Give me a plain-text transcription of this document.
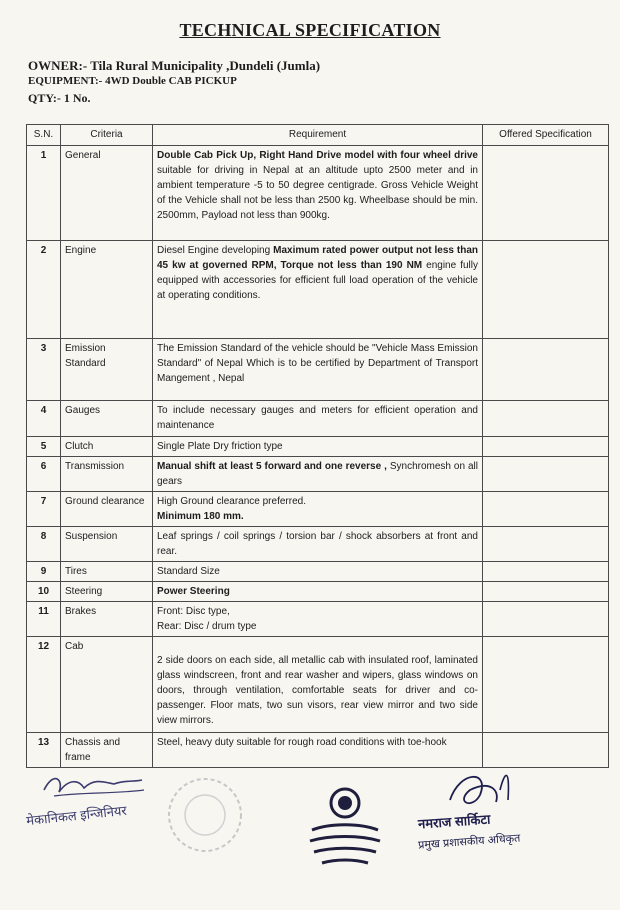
TECHNICAL SPECIFICATION
OWNER:- Tila Rural Municipality ,Dundeli (Jumla)
EQUIPMENT:- 4WD Double CAB PICKUP
QTY:- 1 No.
S.N.	Criteria	Requirement	Offered Specification
1	General	Double Cab Pick Up, Right Hand Drive model with four wheel drive suitable for driving in Nepal at an altitude upto 2500 meter and in ambient temperature -5 to 50 degree centigrade. Gross Vehicle Weight of the Vehicle shall not be less than 2500 kg. Wheelbase should be min. 2500mm, Payload not less than 900kg.	
2	Engine	Diesel Engine developing Maximum rated power output not less than 45 kw at governed RPM, Torque not less than 190 NM engine fully equipped with accessories for efficient full load operation of the vehicle at operating conditions.	
3	Emission Standard	The Emission Standard of the vehicle should be "Vehicle Mass Emission Standard" of Nepal Which is to be certified by Department of Transport Mangement , Nepal	
4	Gauges	To include necessary gauges and meters for efficient operation and maintenance	
5	Clutch	Single Plate Dry friction type	
6	Transmission	Manual shift at least 5 forward and one reverse , Synchromesh on all gears	
7	Ground clearance	High Ground clearance preferred.
Minimum 180 mm.	
8	Suspension	Leaf springs / coil springs / torsion bar / shock absorbers at front and rear.	
9	Tires	Standard Size	
10	Steering	Power Steering	
11	Brakes	Front: Disc type,
Rear: Disc / drum type	

12	Cab	2 side doors on each side, all metallic cab with insulated roof, laminated glass windscreen, front and rear washer and wipers, glass windows on doors, through ventilation, comfortable seats for driver and co- passenger. Floor mats, two sun visors, rear view mirror and two side view mirrors.	
13	Chassis and frame	Steel, heavy duty suitable for rough road conditions with toe-hook	
मेकानिकल इन्जिनियर	नमराज सार्किटा
प्रमुख प्रशासकीय अधिकृत
